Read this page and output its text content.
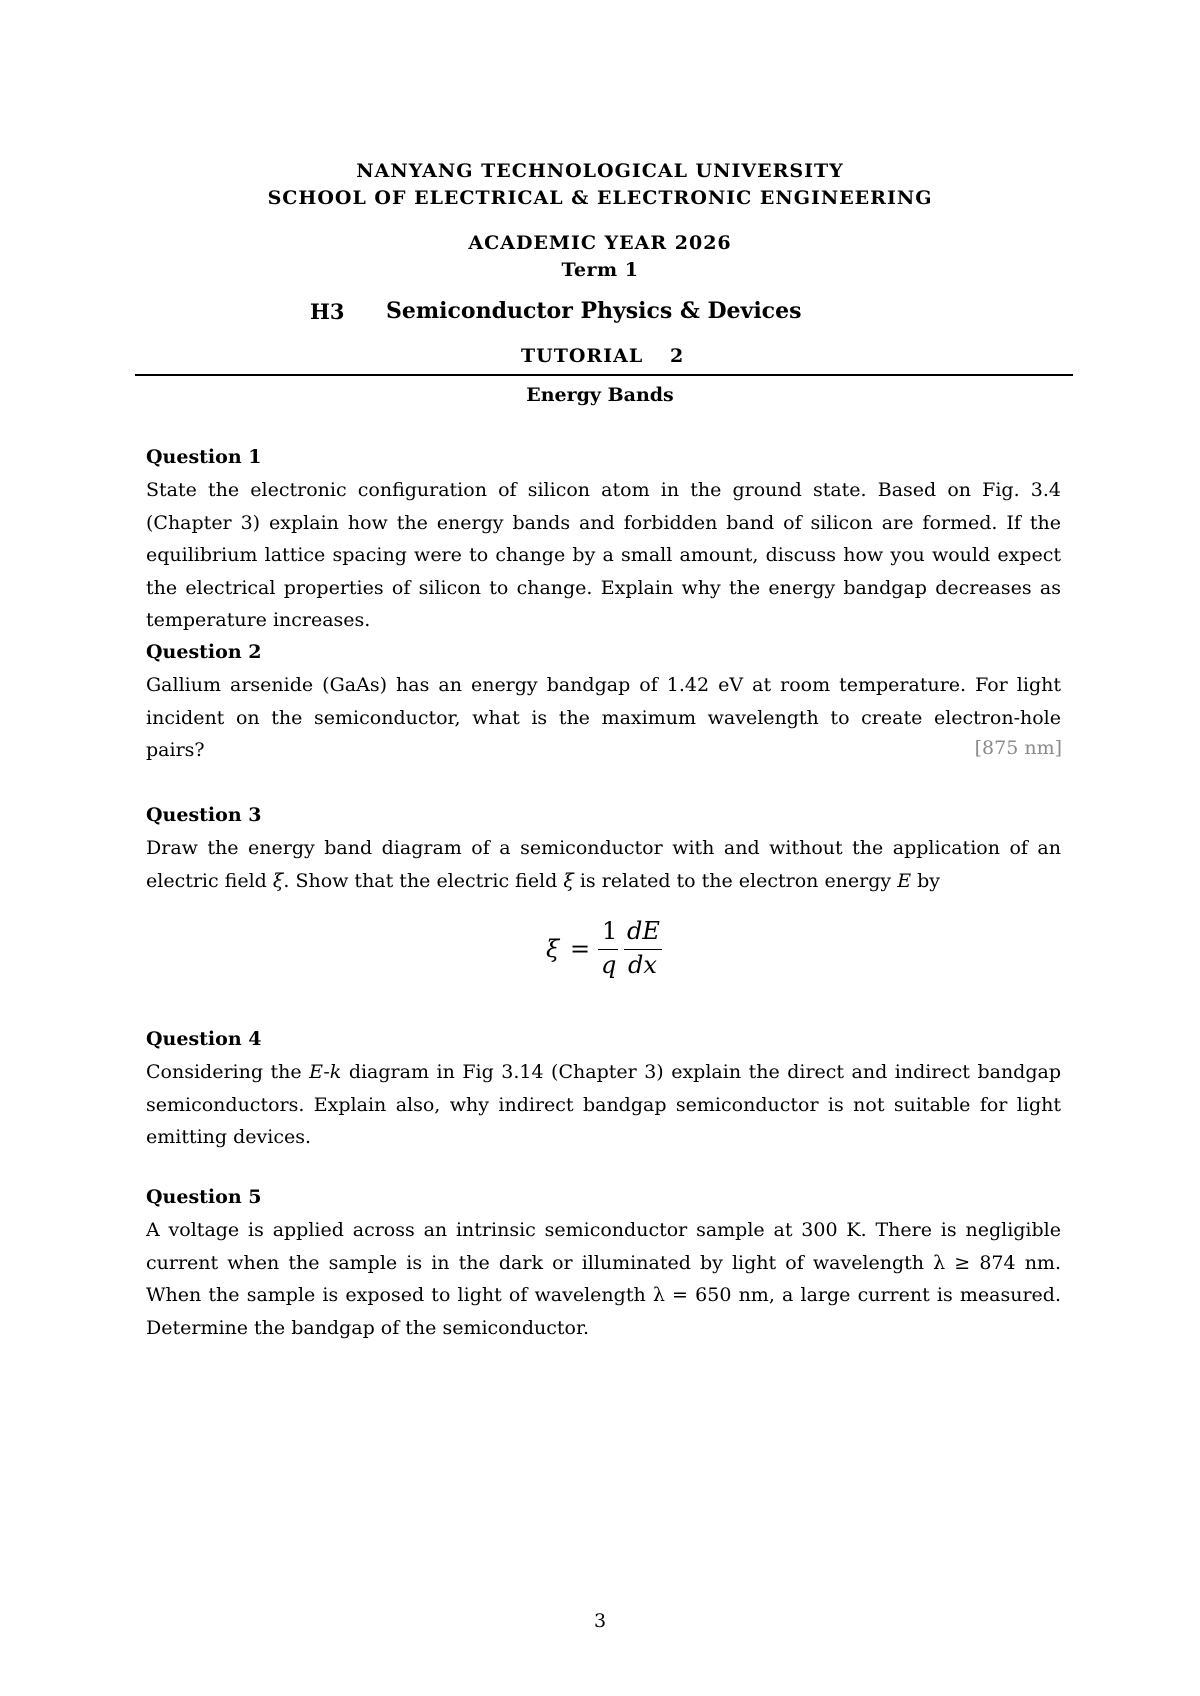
NANYANG TECHNOLOGICAL UNIVERSITY
SCHOOL OF ELECTRICAL & ELECTRONIC ENGINEERING
ACADEMIC YEAR 2026
Term 1
H3 Semiconductor Physics & Devices
TUTORIAL 2
Energy Bands
Question 1
State the electronic configuration of silicon atom in the ground state. Based on Fig. 3.4 (Chapter 3) explain how the energy bands and forbidden band of silicon are formed. If the equilibrium lattice spacing were to change by a small amount, discuss how you would expect the electrical properties of silicon to change. Explain why the energy bandgap decreases as temperature increases.
Question 2
Gallium arsenide (GaAs) has an energy bandgap of 1.42 eV at room temperature. For light incident on the semiconductor, what is the maximum wavelength to create electron-hole pairs?	[875 nm]
Question 3
Draw the energy band diagram of a semiconductor with and without the application of an electric field ξ. Show that the electric field ξ is related to the electron energy E by
ξ =
1
q
dE
dx
Question 4
Considering the E-k diagram in Fig 3.14 (Chapter 3) explain the direct and indirect bandgap semiconductors. Explain also, why indirect bandgap semiconductor is not suitable for light emitting devices.
Question 5
A voltage is applied across an intrinsic semiconductor sample at 300 K. There is negligible current when the sample is in the dark or illuminated by light of wavelength λ ≥ 874 nm. When the sample is exposed to light of wavelength λ = 650 nm, a large current is measured. Determine the bandgap of the semiconductor.
3
